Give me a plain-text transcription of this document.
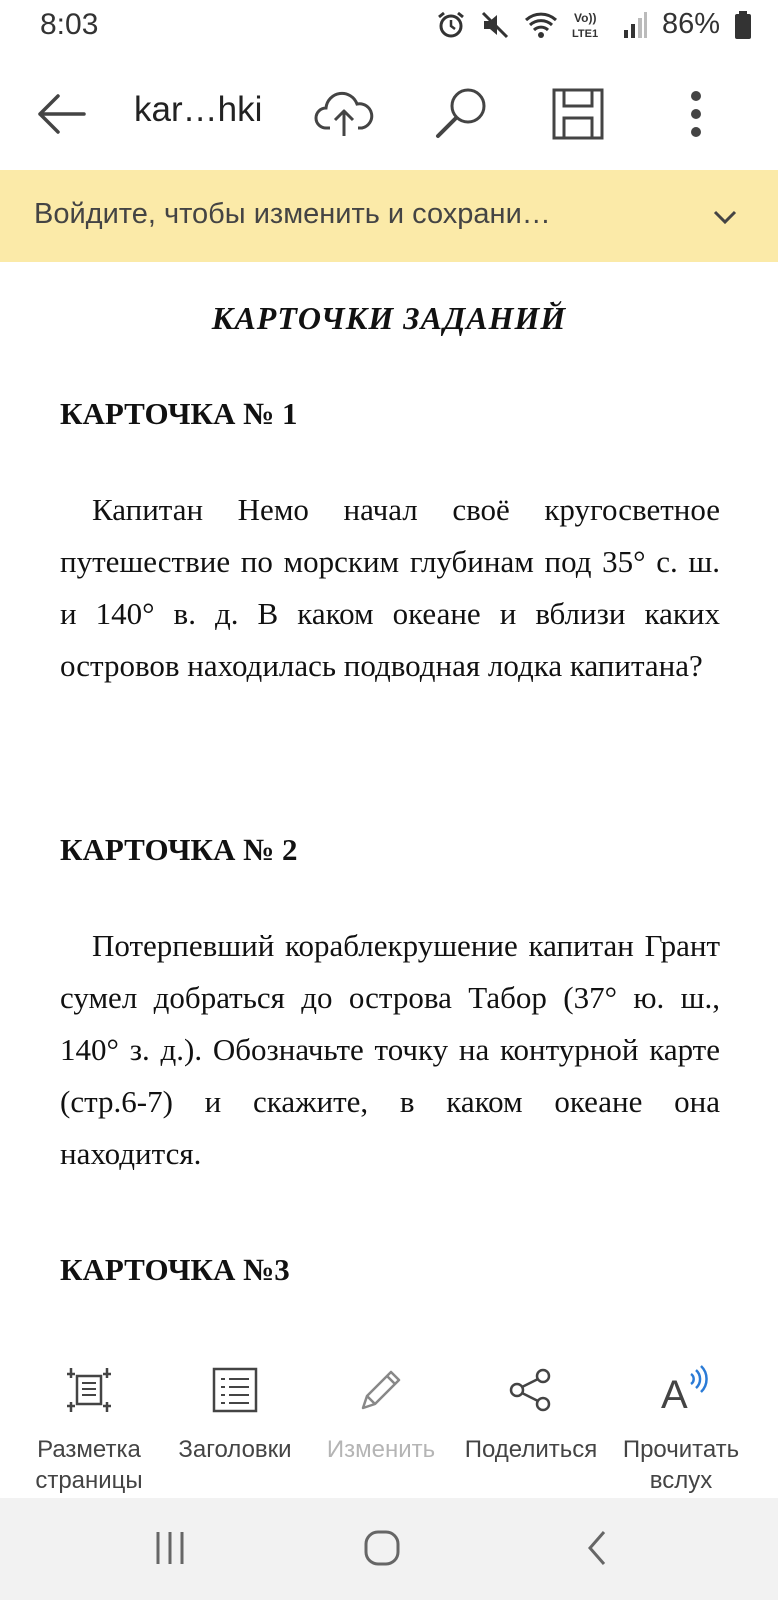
8:03	Vo))
LTE1 86%
kar…hki
Войдите, чтобы изменить и сохрани…
КАРТОЧКИ ЗАДАНИЙ
КАРТОЧКА № 1
Капитан Немо начал своё кругосветное путешествие по морским глубинам под 35° с. ш. и 140° в. д. В каком океане и вблизи каких островов находилась подводная лодка капитана?
КАРТОЧКА № 2
Потерпевший кораблекрушение капитан Грант сумел добраться до острова Табор (37° ю. ш., 140° з. д.). Обозначьте точку на контурной карте (стр.6-7) и скажите, в каком океане она находится.
КАРТОЧКА №3
Разметка страницы
Заголовки	Изменить	Поделиться
A
Прочитать вслух
